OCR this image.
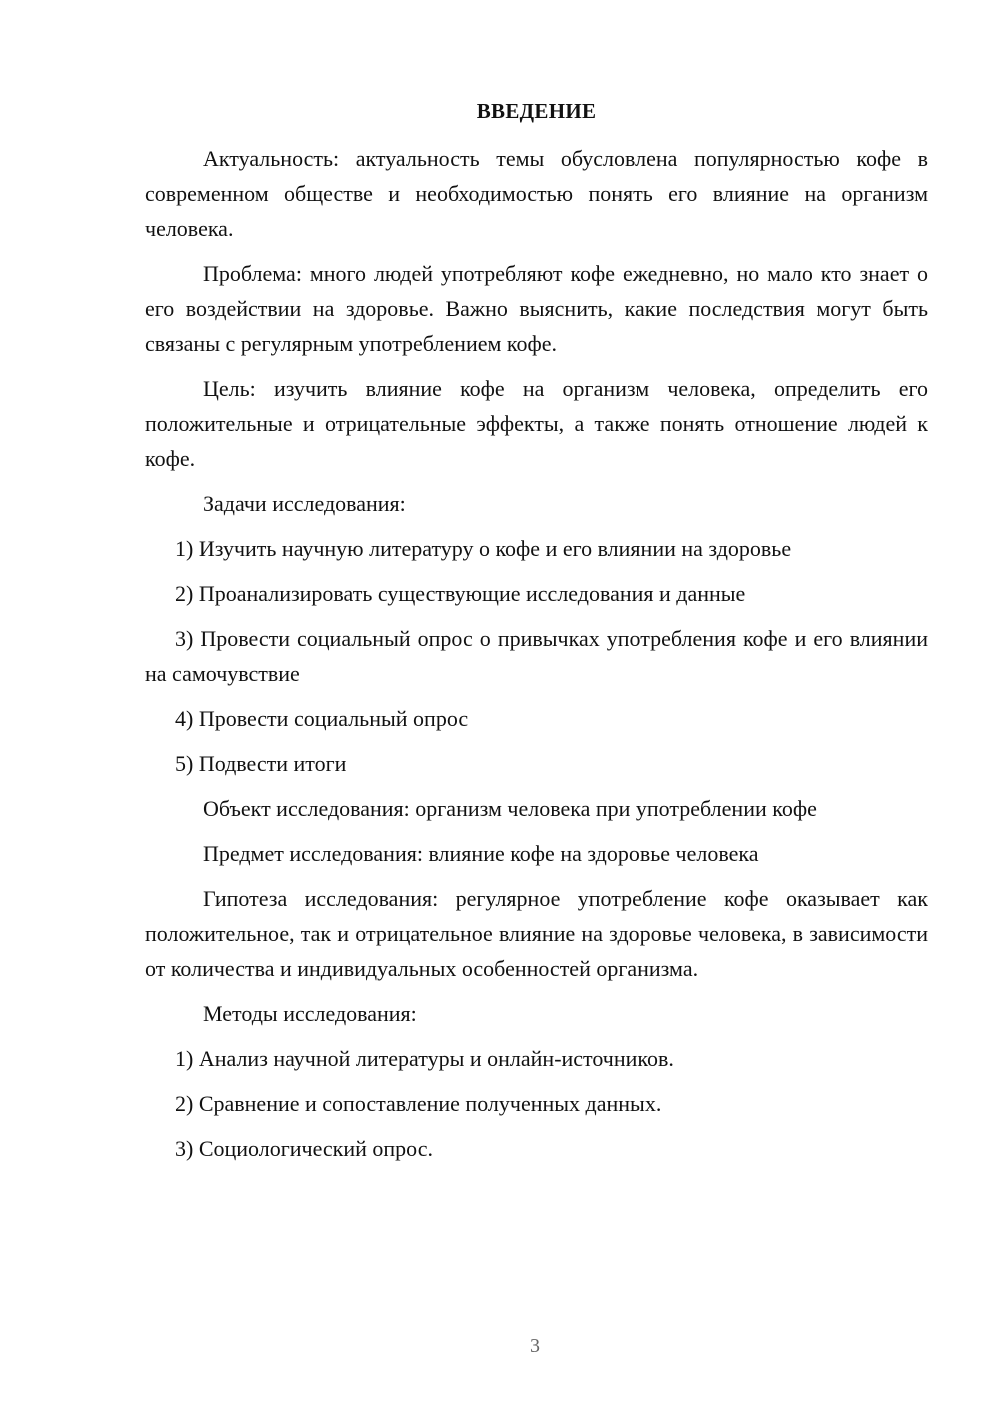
ВВЕДЕНИЕ

Актуальность: актуальность темы обусловлена популярностью кофе в современном обществе и необходимостью понять его влияние на организм человека.

Проблема: много людей употребляют кофе ежедневно, но мало кто знает о его воздействии на здоровье. Важно выяснить, какие последствия могут быть связаны с регулярным употреблением кофе.

Цель: изучить влияние кофе на организм человека, определить его положительные и отрицательные эффекты, а также понять отношение людей к кофе.

Задачи исследования:

1) Изучить научную литературу о кофе и его влиянии на здоровье

2) Проанализировать существующие исследования и данные

3) Провести социальный опрос о привычках употребления кофе и его влиянии на самочувствие

4) Провести социальный опрос

5) Подвести итоги

Объект исследования: организм человека при употреблении кофе

Предмет исследования: влияние кофе на здоровье человека

Гипотеза исследования: регулярное употребление кофе оказывает как положительное, так и отрицательное влияние на здоровье человека, в зависимости от количества и индивидуальных особенностей организма.

Методы исследования:

1) Анализ научной литературы и онлайн-источников.

2) Сравнение и сопоставление полученных данных.

3) Социологический опрос.

3
